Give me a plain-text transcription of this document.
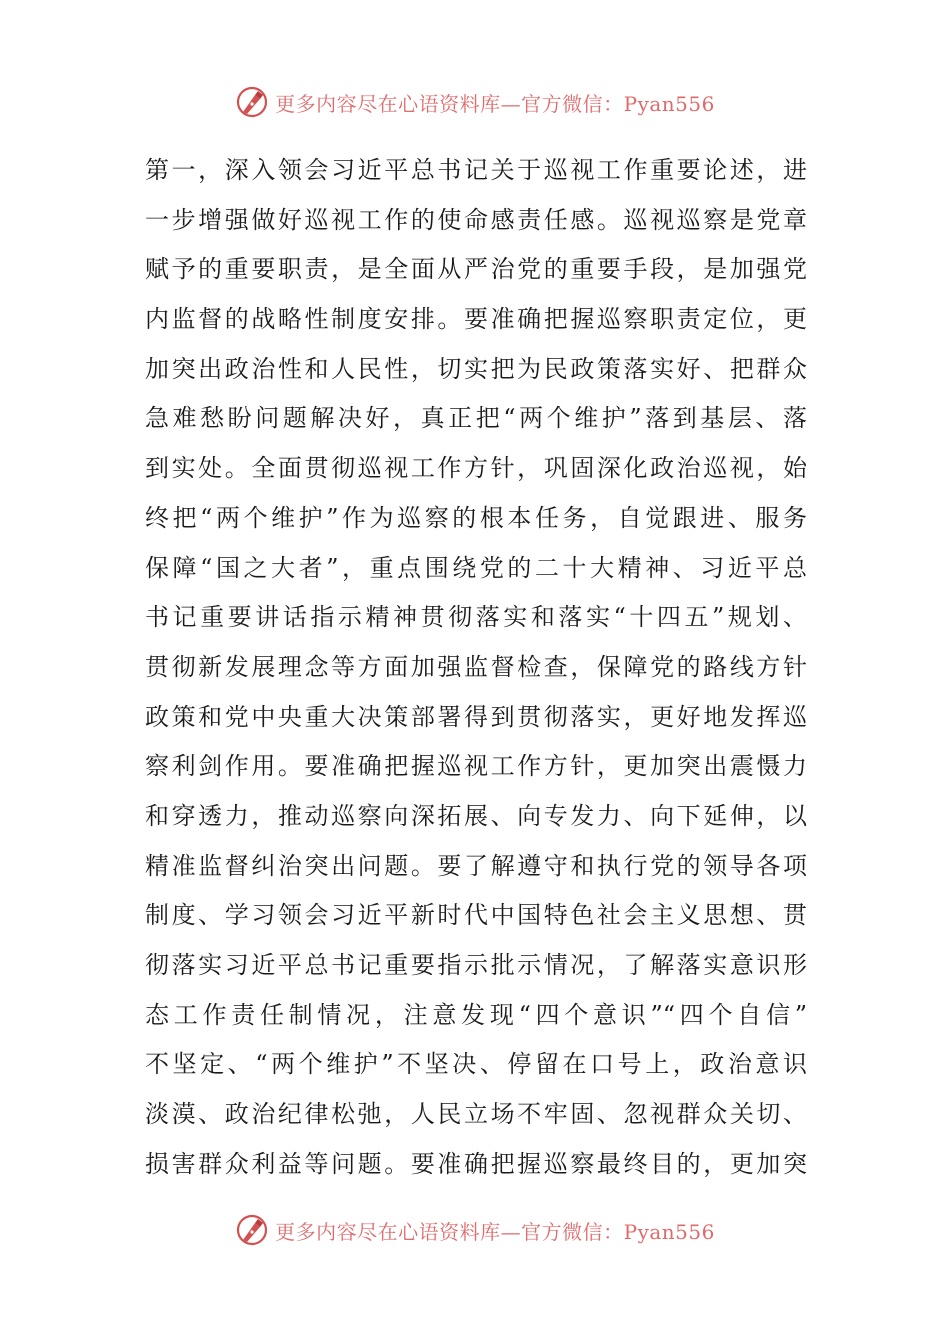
更多内容尽在心语资料库—官方微信：Pyan556
第一，深入领会习近平总书记关于巡视工作重要论述，进
一步增强做好巡视工作的使命感责任感。巡视巡察是党章
赋予的重要职责，是全面从严治党的重要手段，是加强党
内监督的战略性制度安排。要准确把握巡察职责定位，更
加突出政治性和人民性，切实把为民政策落实好、把群众
急难愁盼问题解决好，真正把“两个维护”落到基层、落
到实处。全面贯彻巡视工作方针，巩固深化政治巡视，始
终把“两个维护”作为巡察的根本任务，自觉跟进、服务
保障“国之大者”，重点围绕党的二十大精神、习近平总
书记重要讲话指示精神贯彻落实和落实“十四五”规划、
贯彻新发展理念等方面加强监督检查，保障党的路线方针
政策和党中央重大决策部署得到贯彻落实，更好地发挥巡
察利剑作用。要准确把握巡视工作方针，更加突出震慑力
和穿透力，推动巡察向深拓展、向专发力、向下延伸，以
精准监督纠治突出问题。要了解遵守和执行党的领导各项
制度、学习领会习近平新时代中国特色社会主义思想、贯
彻落实习近平总书记重要指示批示情况，了解落实意识形
态工作责任制情况，注意发现“四个意识”“四个自信”
不坚定、“两个维护”不坚决、停留在口号上，政治意识
淡漠、政治纪律松弛，人民立场不牢固、忽视群众关切、
损害群众利益等问题。要准确把握巡察最终目的，更加突
更多内容尽在心语资料库—官方微信：Pyan556
